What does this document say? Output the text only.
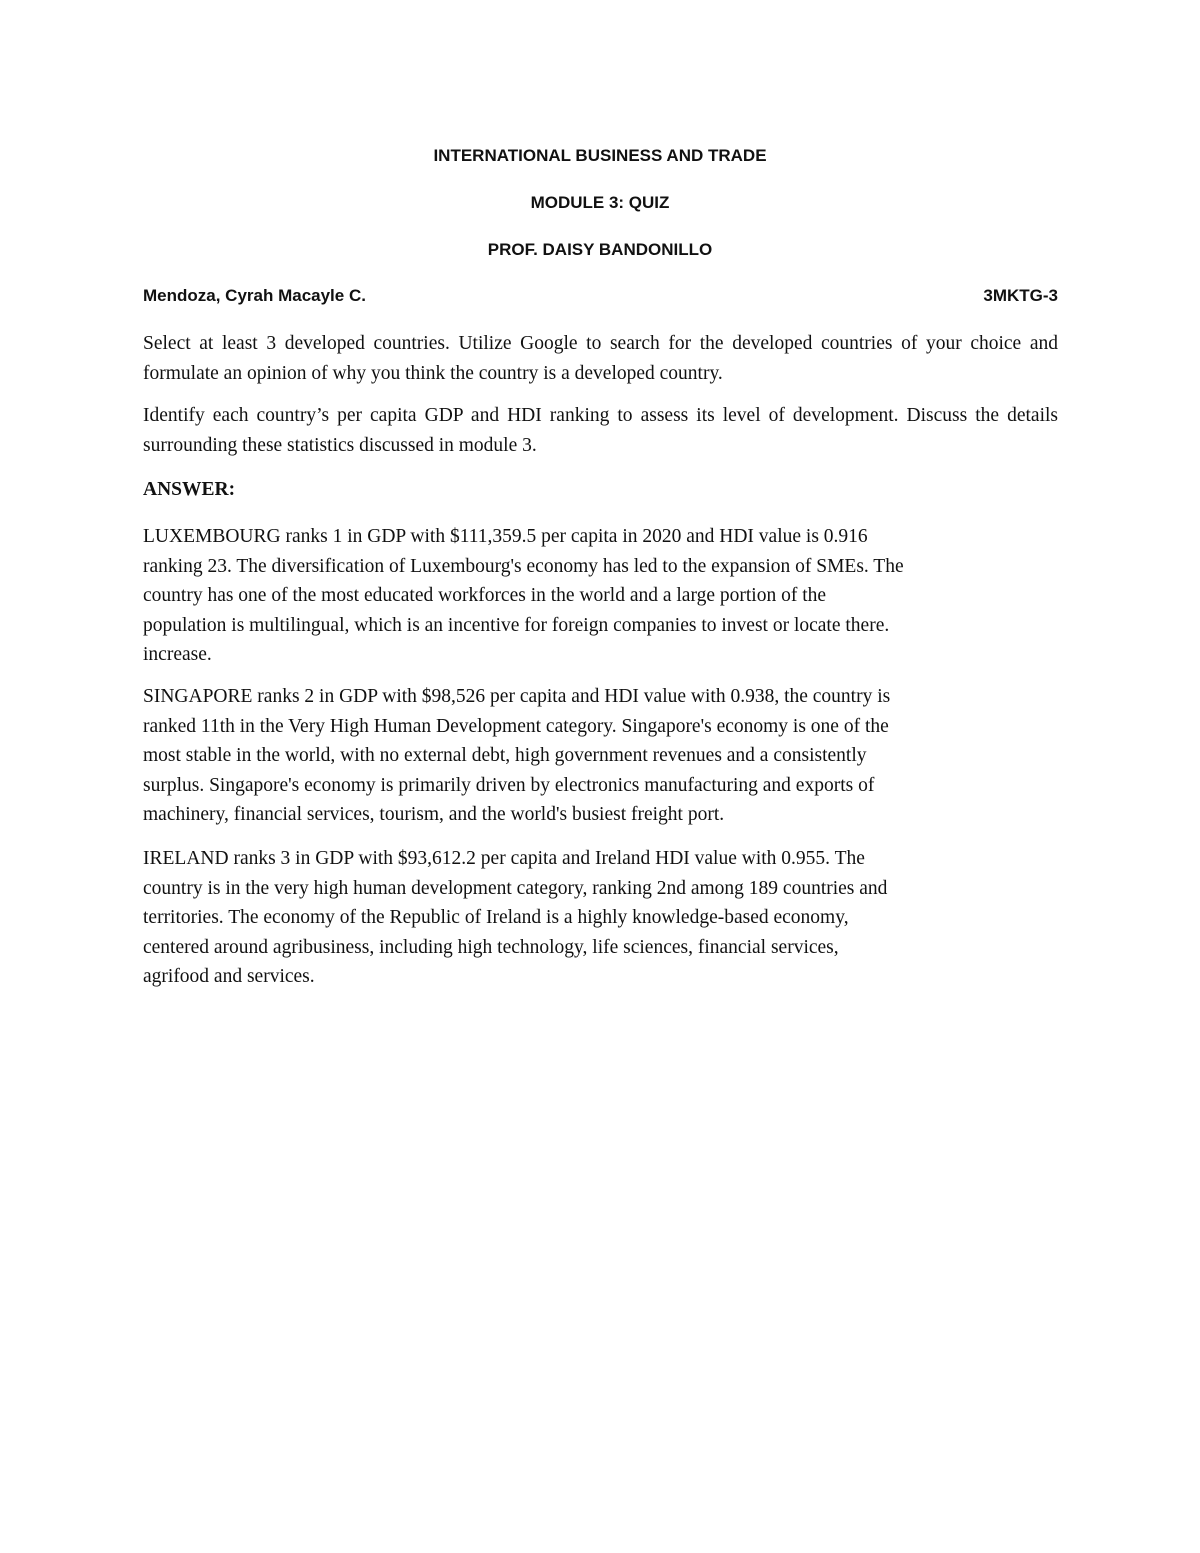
INTERNATIONAL BUSINESS AND TRADE
MODULE 3: QUIZ
PROF. DAISY BANDONILLO
Mendoza, Cyrah Macayle C.	3MKTG-3
Select at least 3 developed countries. Utilize Google to search for the developed countries of your choice and formulate an opinion of why you think the country is a developed country.
Identify each country’s per capita GDP and HDI ranking to assess its level of development. Discuss the details surrounding these statistics discussed in module 3.
ANSWER:
LUXEMBOURG ranks 1 in GDP with $111,359.5 per capita in 2020 and HDI value is 0.916
ranking 23. The diversification of Luxembourg's economy has led to the expansion of SMEs. The
country has one of the most educated workforces in the world and a large portion of the
population is multilingual, which is an incentive for foreign companies to invest or locate there.
increase.
SINGAPORE ranks 2 in GDP with $98,526 per capita and HDI value with 0.938, the country is
ranked 11th in the Very High Human Development category. Singapore's economy is one of the
most stable in the world, with no external debt, high government revenues and a consistently
surplus. Singapore's economy is primarily driven by electronics manufacturing and exports of
machinery, financial services, tourism, and the world's busiest freight port.
IRELAND ranks 3 in GDP with $93,612.2 per capita and Ireland HDI value with 0.955. The
country is in the very high human development category, ranking 2nd among 189 countries and
territories. The economy of the Republic of Ireland is a highly knowledge-based economy,
centered around agribusiness, including high technology, life sciences, financial services,
agrifood and services.
